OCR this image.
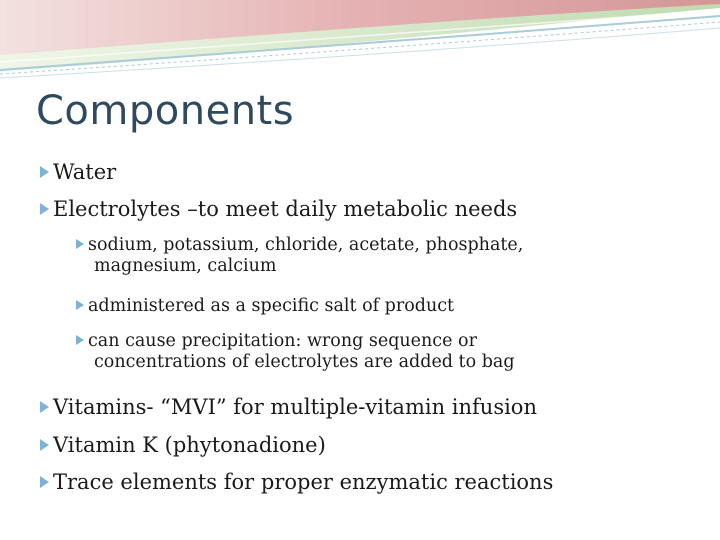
Components
Water
Electrolytes –to meet daily metabolic needs
sodium, potassium, chloride, acetate, phosphate,
magnesium, calcium
administered as a specific salt of product
can cause precipitation: wrong sequence or
concentrations of electrolytes are added to bag
Vitamins- “MVI” for multiple-vitamin infusion
Vitamin K (phytonadione)
Trace elements for proper enzymatic reactions
